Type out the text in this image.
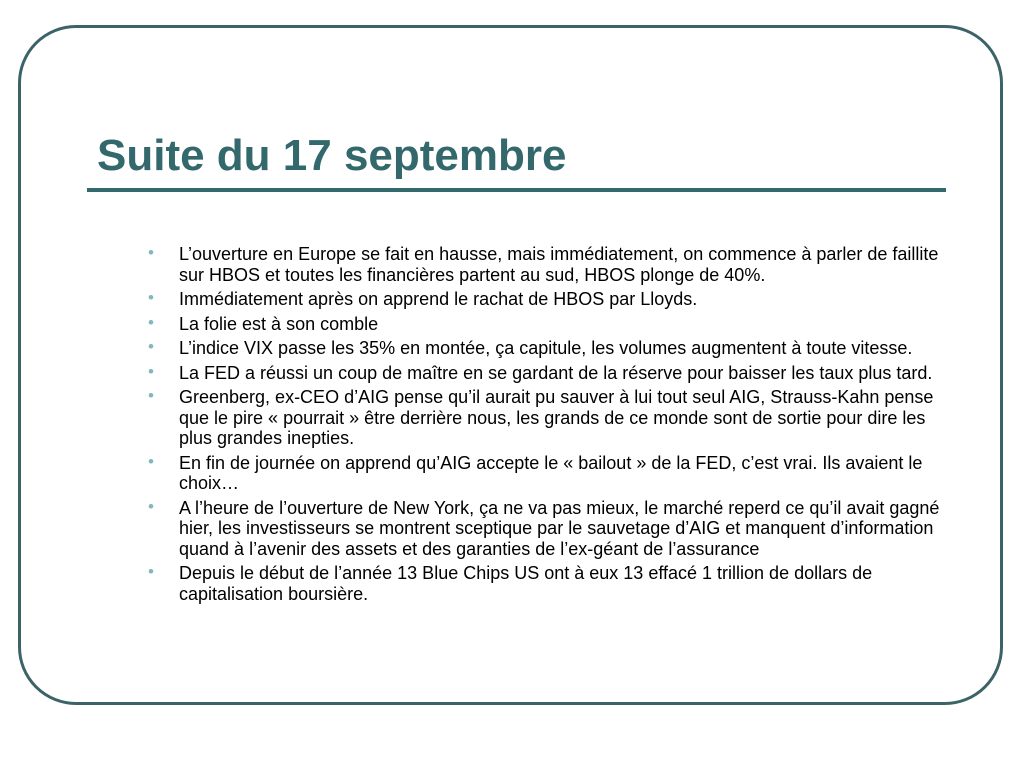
Suite du 17 septembre
• L’ouverture en Europe se fait en hausse, mais immédiatement, on commence à parler de faillite sur HBOS et toutes les financières partent au sud, HBOS plonge de 40%.
• Immédiatement après on apprend le rachat de HBOS par Lloyds.
• La folie est à son comble
• L’indice VIX passe les 35% en montée, ça capitule, les volumes augmentent à toute vitesse.
• La FED a réussi un coup de maître en se gardant de la réserve pour baisser les taux plus tard.
• Greenberg, ex-CEO d’AIG pense qu’il aurait pu sauver à lui tout seul AIG, Strauss-Kahn pense que le pire « pourrait » être derrière nous, les grands de ce monde sont de sortie pour dire les plus grandes inepties.
• En fin de journée on apprend qu’AIG accepte le « bailout » de la FED, c’est vrai. Ils avaient le choix…
• A l’heure de l’ouverture de New York, ça ne va pas mieux, le marché reperd ce qu’il avait gagné hier, les investisseurs se montrent sceptique par le sauvetage d’AIG et manquent d’information quand à l’avenir des assets et des garanties de l’ex-géant de l’assurance
• Depuis le début de l’année 13 Blue Chips US ont à eux 13 effacé 1 trillion de dollars de capitalisation boursière.
